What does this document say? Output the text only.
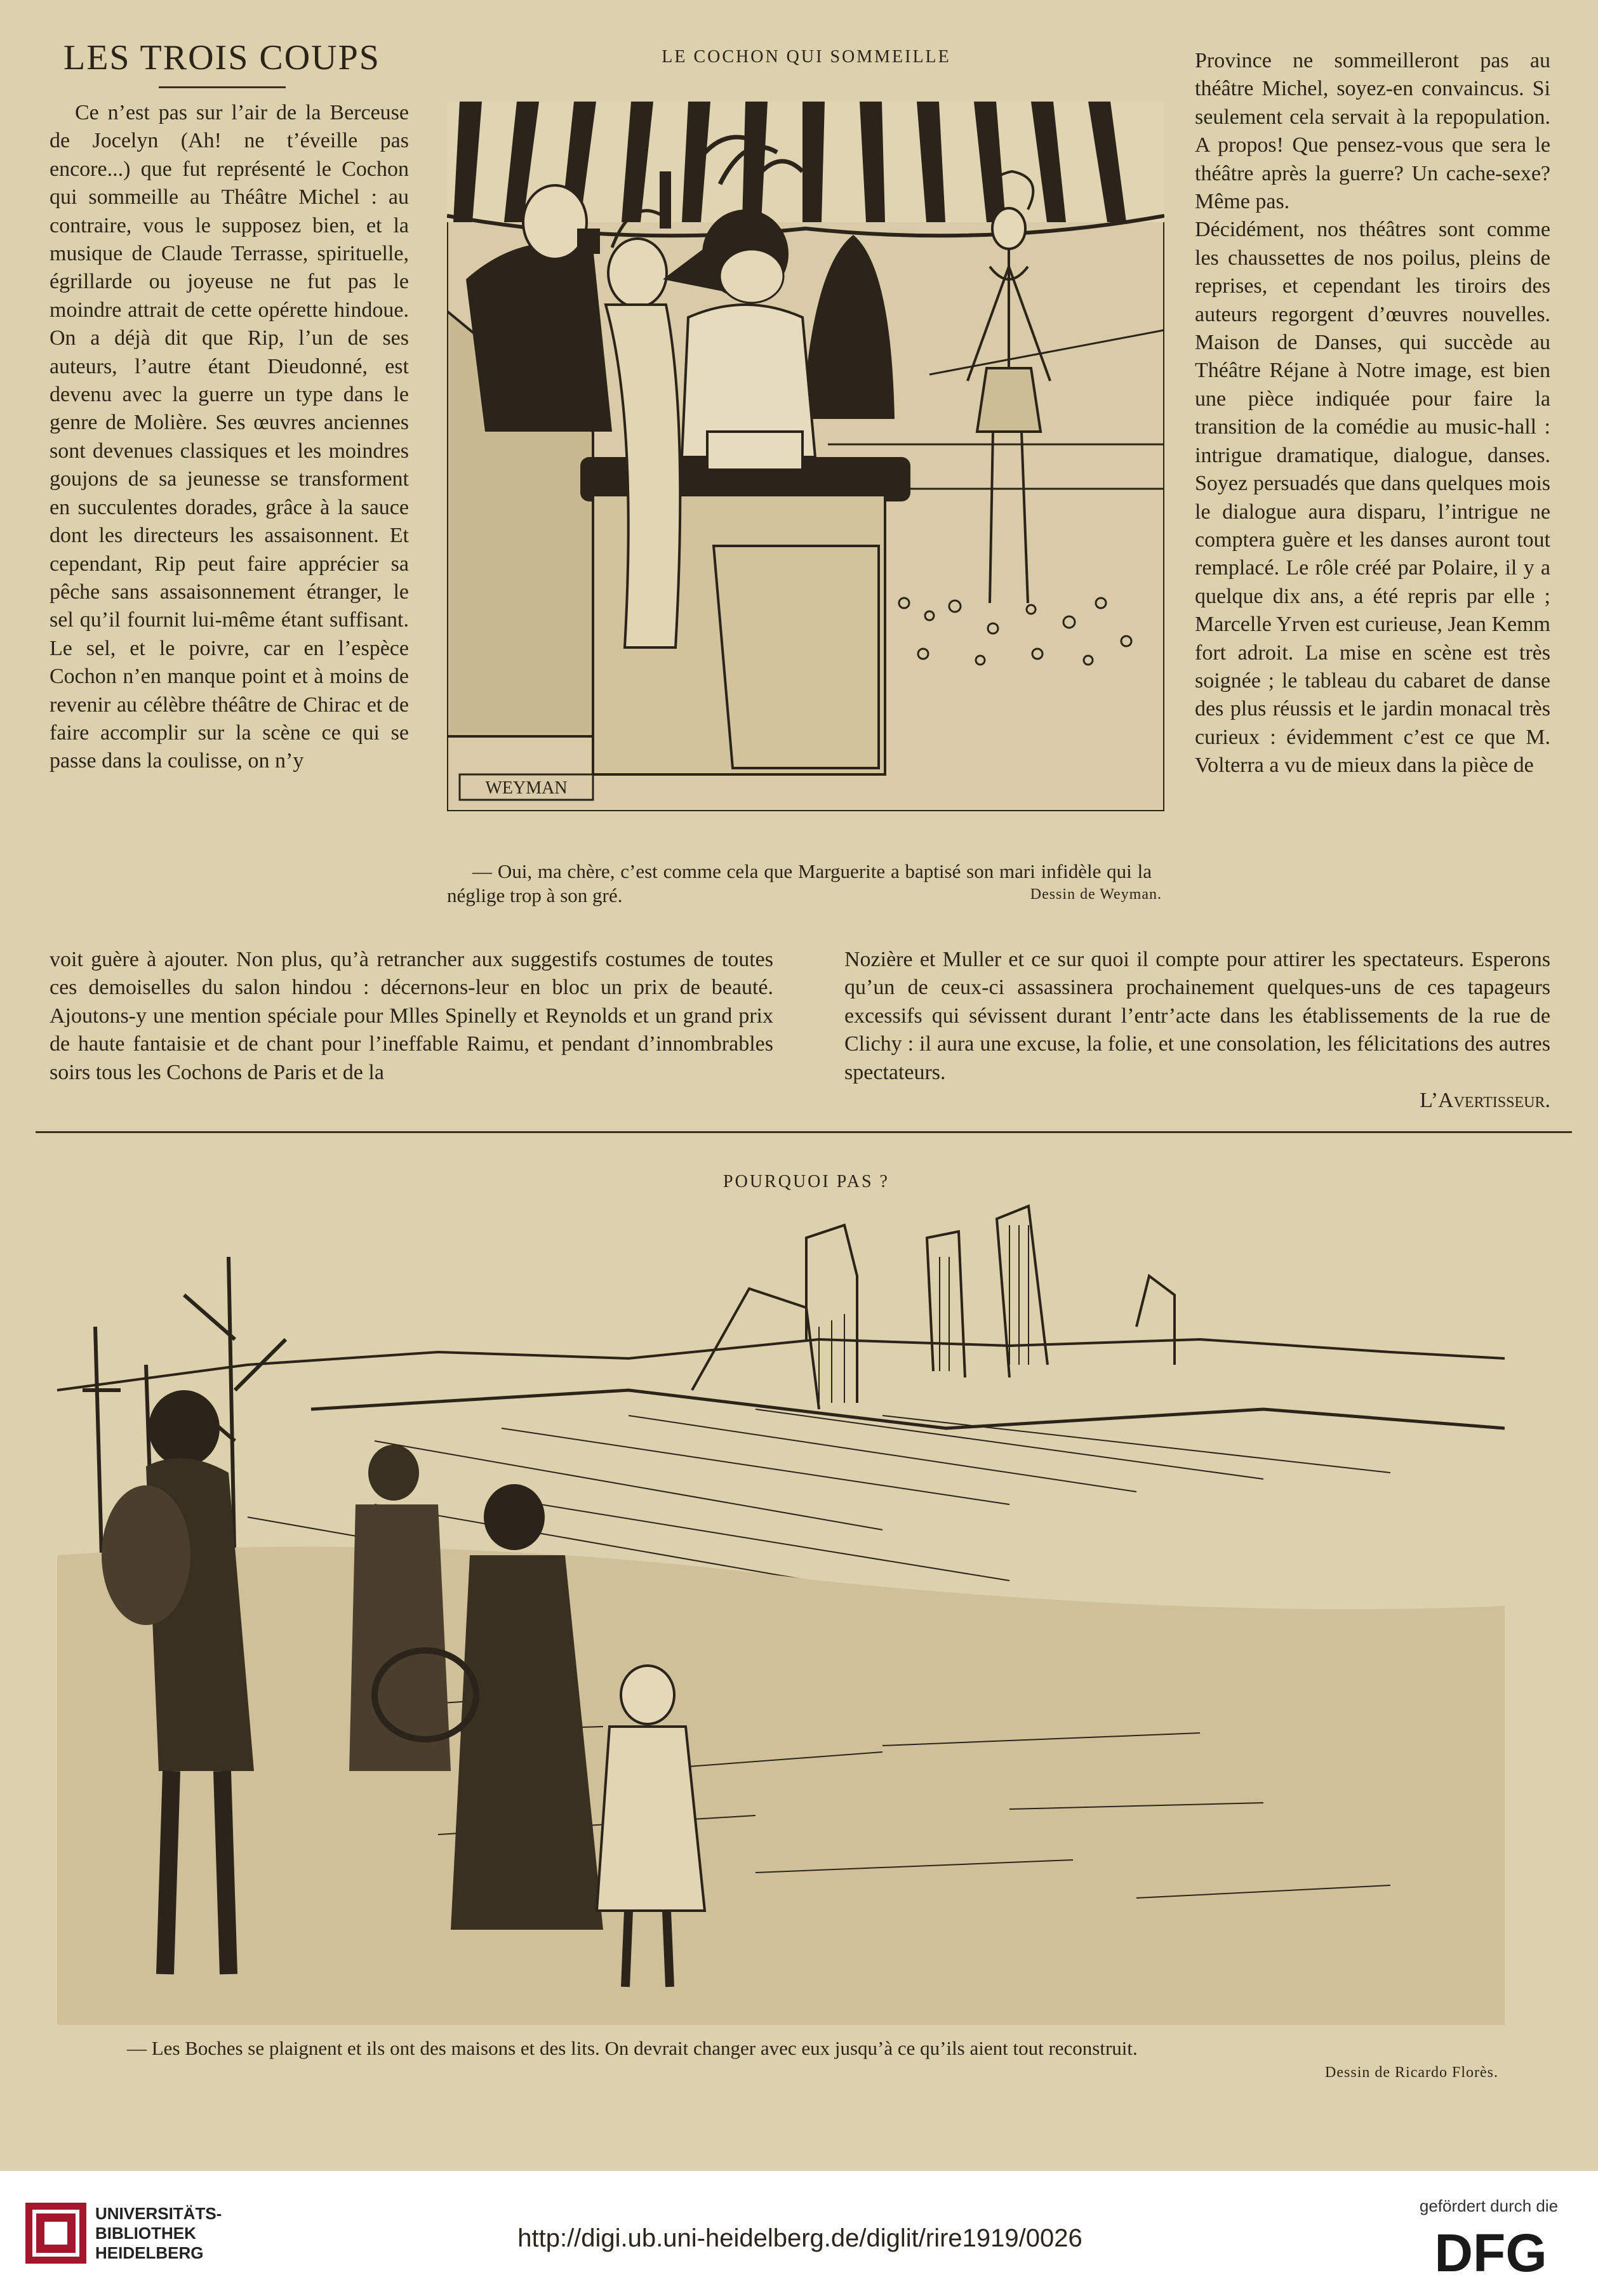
LES TROIS COUPS
Ce n’est pas sur l’air de la Berceuse de Jocelyn (Ah! ne t’éveille pas encore...) que fut représenté le Cochon qui sommeille au Théâtre Michel : au contraire, vous le supposez bien, et la musique de Claude Terrasse, spirituelle, égrillarde ou joyeuse ne fut pas le moindre attrait de cette opérette hindoue. On a déjà dit que Rip, l’un de ses auteurs, l’autre étant Dieudonné, est devenu avec la guerre un type dans le genre de Molière. Ses œuvres anciennes sont devenues classiques et les moindres goujons de sa jeunesse se transforment en succulentes dorades, grâce à la sauce dont les directeurs les assaisonnent. Et cependant, Rip peut faire apprécier sa pêche sans assaisonnement étranger, le sel qu’il fournit lui-même étant suffisant. Le sel, et le poivre, car en l’espèce Cochon n’en manque point et à moins de revenir au célèbre théâtre de Chirac et de faire accomplir sur la scène ce qui se passe dans la coulisse, on n’y
LE COCHON QUI SOMMEILLE
WEYMAN
— Oui, ma chère, c’est comme cela que Marguerite a baptisé son mari infidèle qui la néglige trop à son gré.	Dessin de Weyman.
Province ne sommeilleront pas au théâtre Michel, soyez-en convaincus. Si seulement cela servait à la repopulation. A propos! Que pensez-vous que sera le théâtre après la guerre? Un cache-sexe? Même pas.
Décidément, nos théâtres sont comme les chaussettes de nos poilus, pleins de reprises, et cependant les tiroirs des auteurs regorgent d’œuvres nouvelles. Maison de Danses, qui succède au Théâtre Réjane à Notre image, est bien une pièce indiquée pour faire la transition de la comédie au music-hall : intrigue dramatique, dialogue, danses. Soyez persuadés que dans quelques mois le dialogue aura disparu, l’intrigue ne comptera guère et les danses auront tout remplacé. Le rôle créé par Polaire, il y a quelque dix ans, a été repris par elle ; Marcelle Yrven est curieuse, Jean Kemm fort adroit. La mise en scène est très soignée ; le tableau du cabaret de danse des plus réussis et le jardin monacal très curieux : évidemment c’est ce que M. Volterra a vu de mieux dans la pièce de
voit guère à ajouter. Non plus, qu’à retrancher aux suggestifs costumes de toutes ces demoiselles du salon hindou : décernons-leur en bloc un prix de beauté. Ajoutons-y une mention spéciale pour Mlles Spinelly et Reynolds et un grand prix de haute fantaisie et de chant pour l’ineffable Raimu, et pendant d’innombrables soirs tous les Cochons de Paris et de la
Nozière et Muller et ce sur quoi il compte pour attirer les spectateurs. Esperons qu’un de ceux-ci assassinera prochainement quelques-uns de ces tapageurs excessifs qui sévissent durant l’entr’acte dans les établissements de la rue de Clichy : il aura une excuse, la folie, et une consolation, les félicitations des autres spectateurs.
L’Avertisseur.
POURQUOI PAS ?
— Les Boches se plaignent et ils ont des maisons et des lits. On devrait changer avec eux jusqu’à ce qu’ils aient tout reconstruit.
Dessin de Ricardo Florès.
UNIVERSITÄTS-
BIBLIOTHEK
HEIDELBERG
http://digi.ub.uni-heidelberg.de/diglit/rire1919/0026
gefördert durch die
DFG
